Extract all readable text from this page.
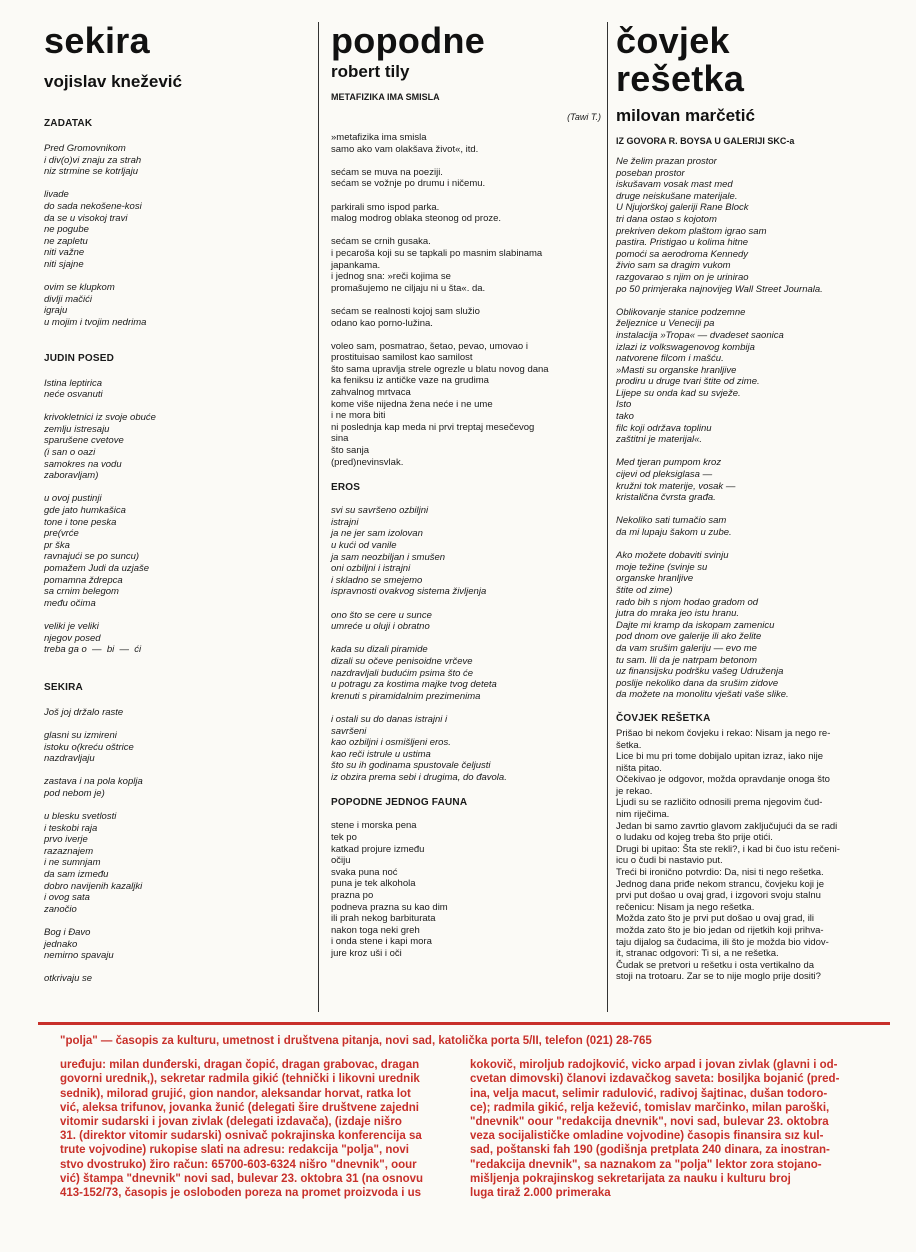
sekira

vojislav knežević

ZADATAK

Pred Gromovnikom
i div(o)vi znaju za strah
niz strmine se kotrljaju

livade
do sada nekošene-kosi
da se u visokoj travi
ne pogube
ne zapletu
niti važne
niti sjajne

ovim se klupkom
divlji mačići
igraju
u mojim i tvojim nedrima

JUDIN POSED

Istina leptirica
neće osvanuti

krivokletnici iz svoje obuće
zemlju istresaju
sparušene cvetove
(i san o oazi
samokres na vodu
zaboravljam)

u ovoj pustinji
gde jato humkašica
tone i tone peska
pre(vrće
pr ška
ravnajući se po suncu)
pomažem Judi da uzjaše
pomamna ždrepca
sa crnim belegom
među očima

veliki je veliki
njegov posed
treba ga o  —  bi  —  ći

SEKIRA

Još joj držalo raste

glasni su izmireni
istoku o(kreću oštrice
nazdravljaju

zastava i na pola koplja
pod nebom je)

u blesku svetlosti
i teskobi raja
prvo iverje
razaznajem
i ne sumnjam
da sam između
dobro navijenih kazaljki
i ovog sata
zanočio

Bog i Đavo
jednako
nemirno spavaju

otkrivaju se

popodne

robert tily

METAFIZIKA IMA SMISLA

(Tawi T.)

»metafizika ima smisla
samo ako vam olakšava život«, itd.

sećam se muva na poeziji.
sećam se vožnje po drumu i ničemu.

parkirali smo ispod parka.
malog modrog oblaka steonog od proze.

sećam se crnih gusaka.
i pecaroša koji su se tapkali po masnim slabinama
japankama.
i jednog sna: »reči kojima se
promašujemo ne ciljaju ni u šta«. da.

sećam se realnosti kojoj sam služio
odano kao porno-lužina.

voleo sam, posmatrao, šetao, pevao, umovao i
prostituisao samilost kao samilost
što sama upravlja strele ogrezle u blatu novog dana
ka feniksu iz antičke vaze na grudima
zahvalnog mrtvaca
kome više nijedna žena neće i ne ume
i ne mora biti
ni poslednja kap meda ni prvi treptaj mesečevog
sina
što sanja
(pred)nevinsvlak.

EROS

svi su savršeno ozbiljni
istrajni
ja ne jer sam izolovan
u kući od vanile
ja sam neozbiljan i smušen
oni ozbiljni i istrajni
i skladno se smejemo
ispravnosti ovakvog sistema življenja

ono što se cere u sunce
umreće u oluji i obratno

kada su dizali piramide
dizali su očeve penisoidne vrčeve
nazdravljali budućim psima što će
u potragu za kostima majke tvog deteta
krenuti s piramidalnim prezimenima

i ostali su do danas istrajni i
savršeni
kao ozbiljni i osmišljeni eros.
kao reči istrule u ustima
što su ih godinama spustovale čeljusti
iz obzira prema sebi i drugima, do đavola.

POPODNE JEDNOG FAUNA

stene i morska pena
tek po
katkad projure između
očiju
svaka puna noć
puna je tek alkohola
prazna po
podneva prazna su kao dim
ili prah nekog barbiturata
nakon toga neki greh
i onda stene i kapi mora
jure kroz uši i oči

čovjek
rešetka

milovan marčetić

IZ GOVORA R. BOYSA U GALERIJI SKC-a

Ne želim prazan prostor
poseban prostor
iskušavam vosak mast med
druge neiskušane materijale.
U Njujorškoj galeriji Rane Block
tri dana ostao s kojotom
prekriven dekom plaštom igrao sam
pastira. Pristigao u kolima hitne
pomoći sa aerodroma Kennedy
živio sam sa dragim vukom
razgovarao s njim on je urinirao
po 50 primjeraka najnovijeg Wall Street Journala.

Oblikovanje stanice podzemne
željeznice u Veneciji pa
instalacija »Tropa« — dvadeset saonica
izlazi iz volkswagenovog kombija
natvorene filcom i mašću.
»Masti su organske hranljive
prodiru u druge tvari štite od zime.
Lijepe su onda kad su svježe.
Isto
tako
filc koji održava toplinu
zaštitni je materijal«.

Med tjeran pumpom kroz
cijevi od pleksiglasa —
kružni tok materije, vosak —
kristalična čvrsta građa.

Nekoliko sati tumačio sam
da mi lupaju šakom u zube.

Ako možete dobaviti svinju
moje težine (svinje su
organske hranljive
štite od zime)
rado bih s njom hodao gradom od
jutra do mraka jeo istu hranu.
Dajte mi kramp da iskopam zamenicu
pod dnom ove galerije ili ako želite
da vam srušim galeriju — evo me
tu sam. Ili da je natrpam betonom
uz finansijsku podršku vašeg Udruženja
poslije nekoliko dana da srušim zidove
da možete na monolitu vješati vaše slike.

ČOVJEK REŠETKA

Prišao bi nekom čovjeku i rekao: Nisam ja nego re-
šetka.
Lice bi mu pri tome dobijalo upitan izraz, iako nije
ništa pitao.
Očekivao je odgovor, možda opravdanje onoga što
je rekao.
Ljudi su se različito odnosili prema njegovim čud-
nim riječima.
Jedan bi samo zavrtio glavom zaključujući da se radi
o ludaku od kojeg treba što prije otići.
Drugi bi upitao: Šta ste rekli?, i kad bi čuo istu rečeni-
icu o čudi bi nastavio put.
Treći bi ironično potvrdio: Da, nisi ti nego rešetka.
Jednog dana priđe nekom strancu, čovjeku koji je
prvi put došao u ovaj grad, i izgovori svoju stalnu
rečenicu: Nisam ja nego rešetka.
Možda zato što je prvi put došao u ovaj grad, ili
možda zato što je bio jedan od rijetkih koji prihva-
taju dijalog sa čudacima, ili što je možda bio vidov-
it, stranac odgovori: Ti si, a ne rešetka.
Čudak se pretvori u rešetku i osta vertikalno da
stoji na trotoaru. Zar se to nije moglo prije dositi?

"polja" — časopis za kulturu, umetnost i društvena pitanja, novi sad, katolička porta 5/II, telefon (021) 28-765

uređuju: milan dunđerski, dragan čopić, dragan grabovac, dragan
govorni urednik,), sekretar radmila gikić (tehnički i likovni urednik
sednik), milorad grujić, gion nandor, aleksandar horvat, ratka lot
vić, aleksa trifunov, jovanka žunić (delegati šire društvene zajedni
vitomir sudarski i jovan zivlak (delegati izdavača), (izdaje nišro
31. (direktor vitomir sudarski) osnivač pokrajinska konferencija sa
trute vojvodine) rukopise slati na adresu: redakcija "polja", novi
stvo dvostruko) žiro račun: 65700-603-6324 nišro "dnevnik", oour
vić) štampa "dnevnik" novi sad, bulevar 23. oktobra 31 (na osnovu
413-152/73, časopis je osloboden poreza na promet proizvoda i us

kokovič, miroljub radojković, vicko arpad i jovan zivlak (glavni i od-
cvetan dimovski) članovi izdavačkog saveta: bosiljka bojanić (pred-
ina, velja macut, selimir radulović, radivoj šajtinac, dušan todoro-
ce); radmila gikić, relja kežević, tomislav marčinko, milan paroški,
"dnevnik" oour "redakcija dnevnik", novi sad, bulevar 23. oktobra
veza socijalističke omladine vojvodine) časopis finansira sız kul-
sad, poštanski fah 190 (godišnja pretplata 240 dinara, za inostran-
"redakcija dnevnik", sa naznakom za "polja" lektor zora stojano-
mišljenja pokrajinskog sekretarijata za nauku i kulturu broj
luga tiraž 2.000 primeraka
